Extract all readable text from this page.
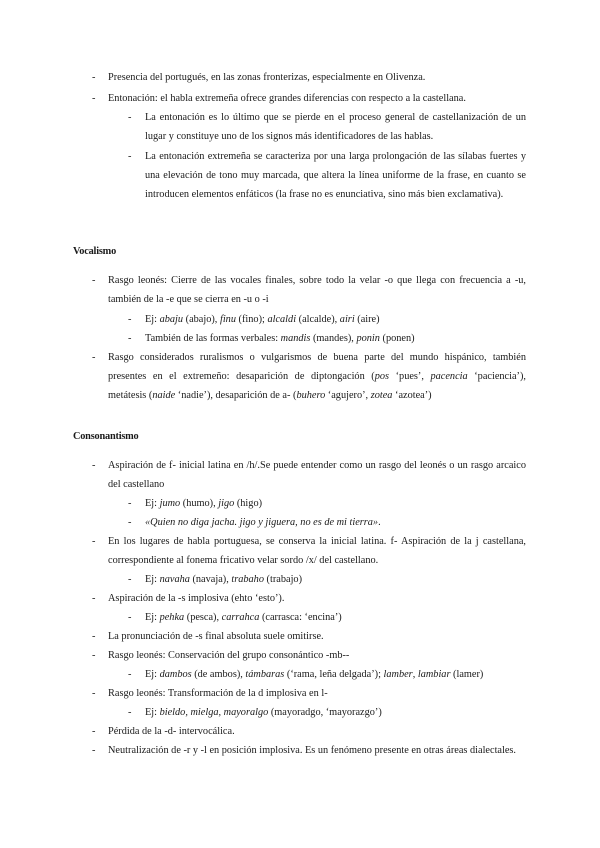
Vocalismo
Consonantismo
- Presencia del portugués, en las zonas fronterizas, especialmente en Olivenza.
- Entonación: el habla extremeña ofrece grandes diferencias con respecto a la castellana.
- La entonación es lo último que se pierde en el proceso general de castellanización de un lugar y constituye uno de los signos más identificadores de las hablas.
- La entonación extremeña se caracteriza por una larga prolongación de las sílabas fuertes y una elevación de tono muy marcada, que altera la línea uniforme de la frase, en cuanto se introducen elementos enfáticos (la frase no es enunciativa, sino más bien exclamativa).
- Rasgo leonés: Cierre de las vocales finales, sobre todo la velar -o que llega con frecuencia a -u, también de la -e que se cierra en -u o -i
- Ej: abaju (abajo), finu (fino); alcaldi (alcalde), airi (aire)
- También de las formas verbales: mandis (mandes), ponin (ponen)
- Rasgo considerados ruralismos o vulgarismos de buena parte del mundo hispánico, también presentes en el extremeño: desaparición de diptongación (pos ‘pues’, pacencia ‘paciencia’), metátesis (naide ‘nadie’), desaparición de a- (buhero ‘agujero’, zotea ‘azotea’)
- Aspiración de f- inicial latina en /h/.Se puede entender como un rasgo del leonés o un rasgo arcaico del castellano
- Ej: jumo (humo), jigo (higo)
- «Quien no diga jacha. jigo y jiguera, no es de mi tierra».
- En los lugares de habla portuguesa, se conserva la inicial latina. f- Aspiración de la j castellana, correspondiente al fonema fricativo velar sordo /x/ del castellano.
- Ej: navaha (navaja), trabaho (trabajo)
- Aspiración de la -s implosiva (ehto ‘esto’).
- Ej: pehka (pesca), carrahca (carrasca: ‘encina’)
- La pronunciación de -s final absoluta suele omitirse.
- Rasgo leonés: Conservación del grupo consonántico -mb--
- Ej: dambos (de ambos), támbaras (‘rama, leña delgada’); lamber, lambiar (lamer)
- Rasgo leonés: Transformación de la d implosiva en l-
- Ej: bieldo, mielga, mayoralgo (mayoradgo, ‘mayorazgo’)
- Pérdida de la -d- intervocálica.
- Neutralización de -r y -l en posición implosiva. Es un fenómeno presente en otras áreas dialectales.
